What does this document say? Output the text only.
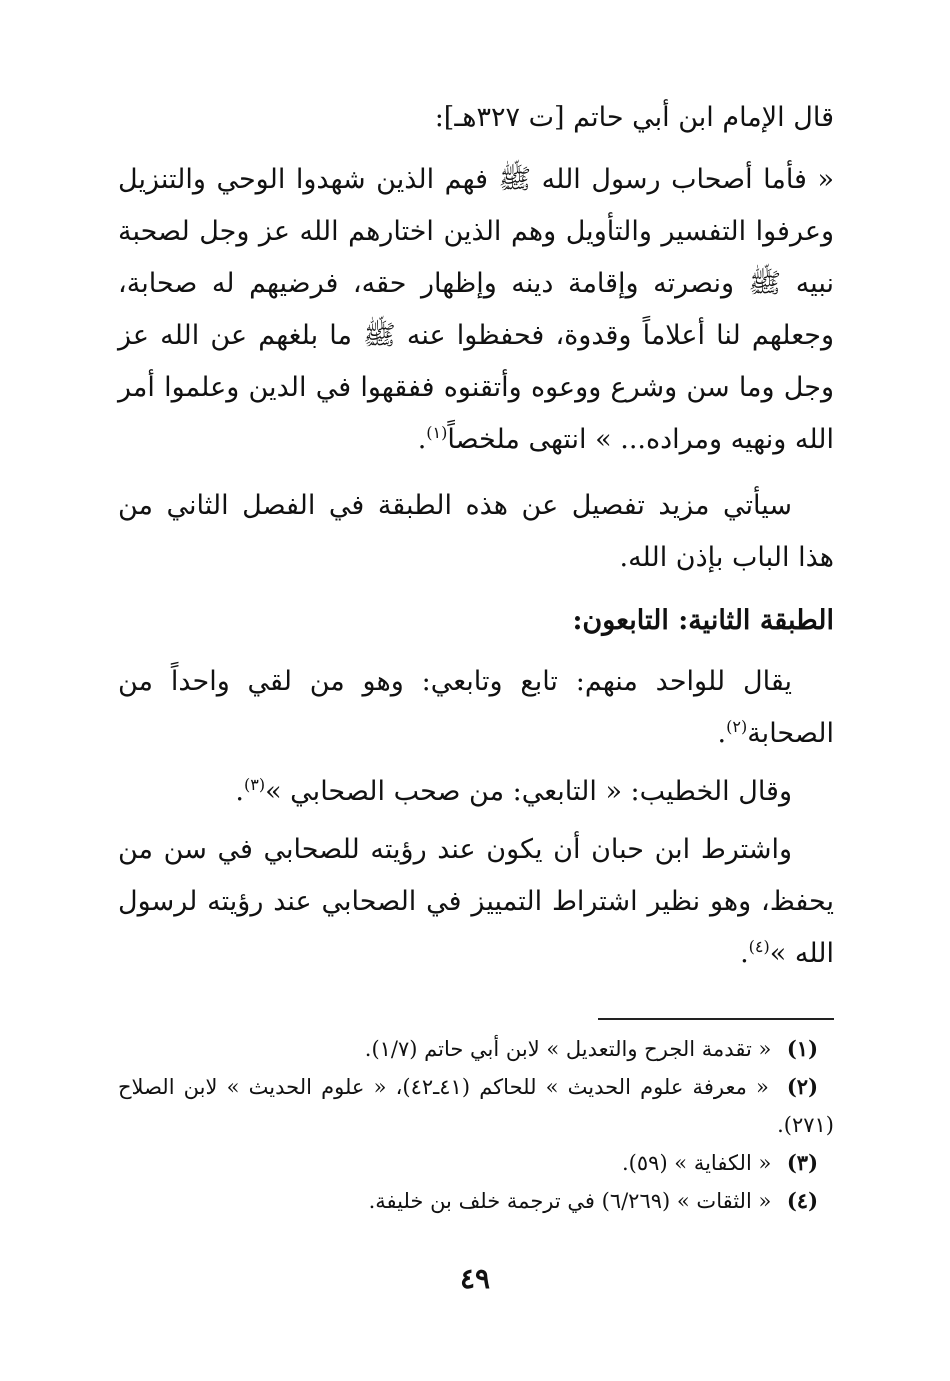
قال الإمام ابن أبي حاتم [ت ٣٢٧هـ]:

« فأما أصحاب رسول الله ﷺ فهم الذين شهدوا الوحي والتنزيل وعرفوا التفسير والتأويل وهم الذين اختارهم الله عز وجل لصحبة نبيه ﷺ ونصرته وإقامة دينه وإظهار حقه، فرضيهم له صحابة، وجعلهم لنا أعلاماً وقدوة، فحفظوا عنه ﷺ ما بلغهم عن الله عز وجل وما سن وشرع ووعوه وأتقنوه ففقهوا في الدين وعلموا أمر الله ونهيه ومراده... » انتهى ملخصاً$^{(١)}$.

سيأتي مزيد تفصيل عن هذه الطبقة في الفصل الثاني من هذا الباب بإذن الله.

الطبقة الثانية: التابعون:

يقال للواحد منهم: تابع وتابعي: وهو من لقي واحداً من الصحابة$^{(٢)}$.

وقال الخطيب: « التابعي: من صحب الصحابي »$^{(٣)}$.

واشترط ابن حبان أن يكون عند رؤيته للصحابي في سن من يحفظ، وهو نظير اشتراط التمييز في الصحابي عند رؤيته لرسول الله »$^{(٤)}$.

(١) « تقدمة الجرح والتعديل » لابن أبي حاتم (١/٧).

(٢) « معرفة علوم الحديث » للحاكم (٤١ـ٤٢)، « علوم الحديث » لابن الصلاح (٢٧١).

(٣) « الكفاية » (٥٩).

(٤) « الثقات » (٦/٢٦٩) في ترجمة خلف بن خليفة.

٤٩
